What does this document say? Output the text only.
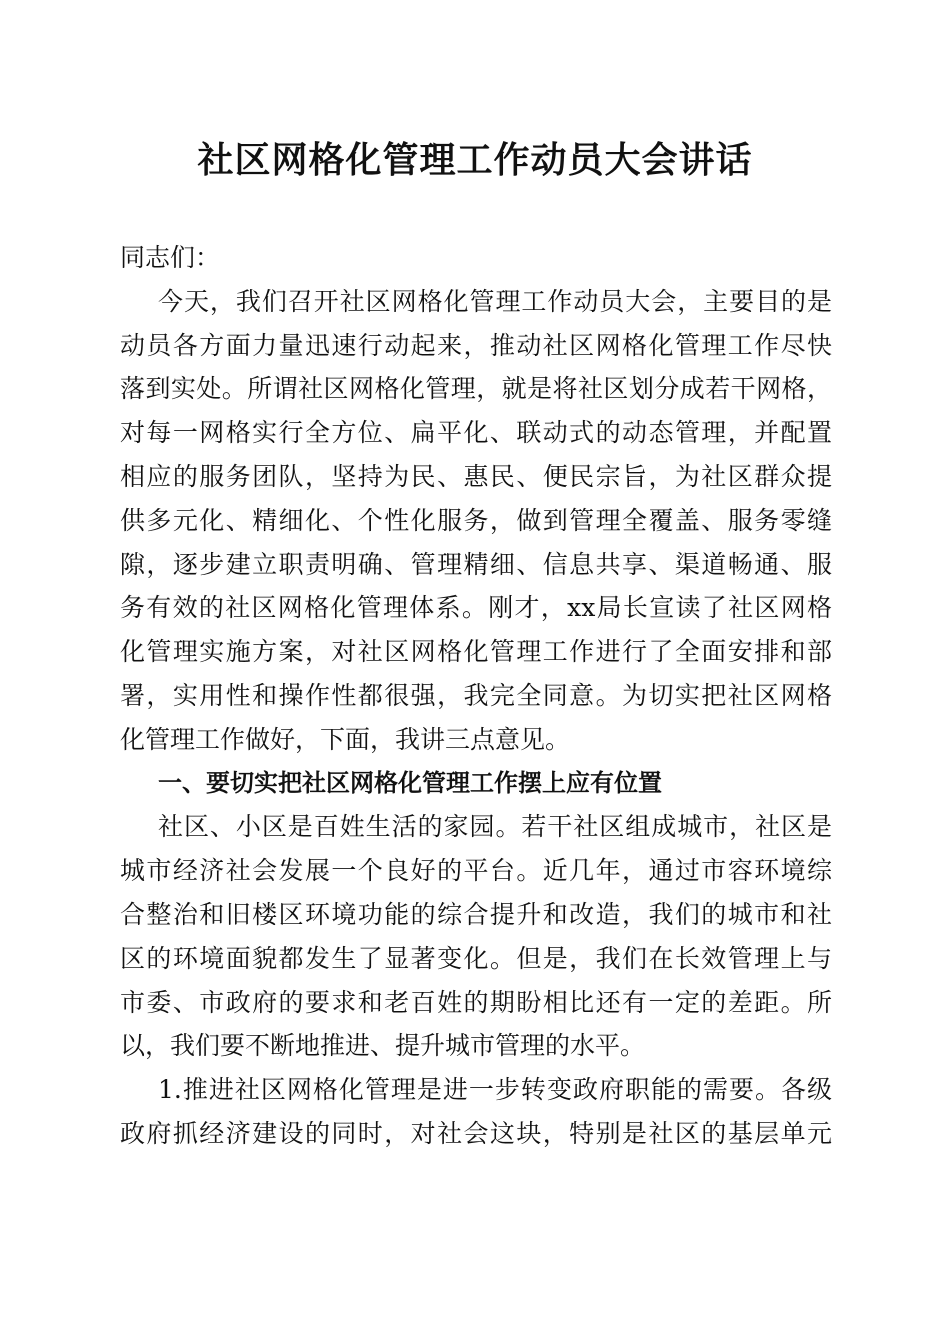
社区网格化管理工作动员大会讲话
同志们：
今天，我们召开社区网格化管理工作动员大会，主要目的是
动员各方面力量迅速行动起来，推动社区网格化管理工作尽快
落到实处。所谓社区网格化管理，就是将社区划分成若干网格，
对每一网格实行全方位、扁平化、联动式的动态管理，并配置
相应的服务团队，坚持为民、惠民、便民宗旨，为社区群众提
供多元化、精细化、个性化服务，做到管理全覆盖、服务零缝
隙，逐步建立职责明确、管理精细、信息共享、渠道畅通、服
务有效的社区网格化管理体系。刚才，xx局长宣读了社区网格
化管理实施方案，对社区网格化管理工作进行了全面安排和部
署，实用性和操作性都很强，我完全同意。为切实把社区网格
化管理工作做好，下面，我讲三点意见。
一、要切实把社区网格化管理工作摆上应有位置
社区、小区是百姓生活的家园。若干社区组成城市，社区是
城市经济社会发展一个良好的平台。近几年，通过市容环境综
合整治和旧楼区环境功能的综合提升和改造，我们的城市和社
区的环境面貌都发生了显著变化。但是，我们在长效管理上与
市委、市政府的要求和老百姓的期盼相比还有一定的差距。所
以，我们要不断地推进、提升城市管理的水平。
1.推进社区网格化管理是进一步转变政府职能的需要。各级
政府抓经济建设的同时，对社会这块，特别是社区的基层单元
